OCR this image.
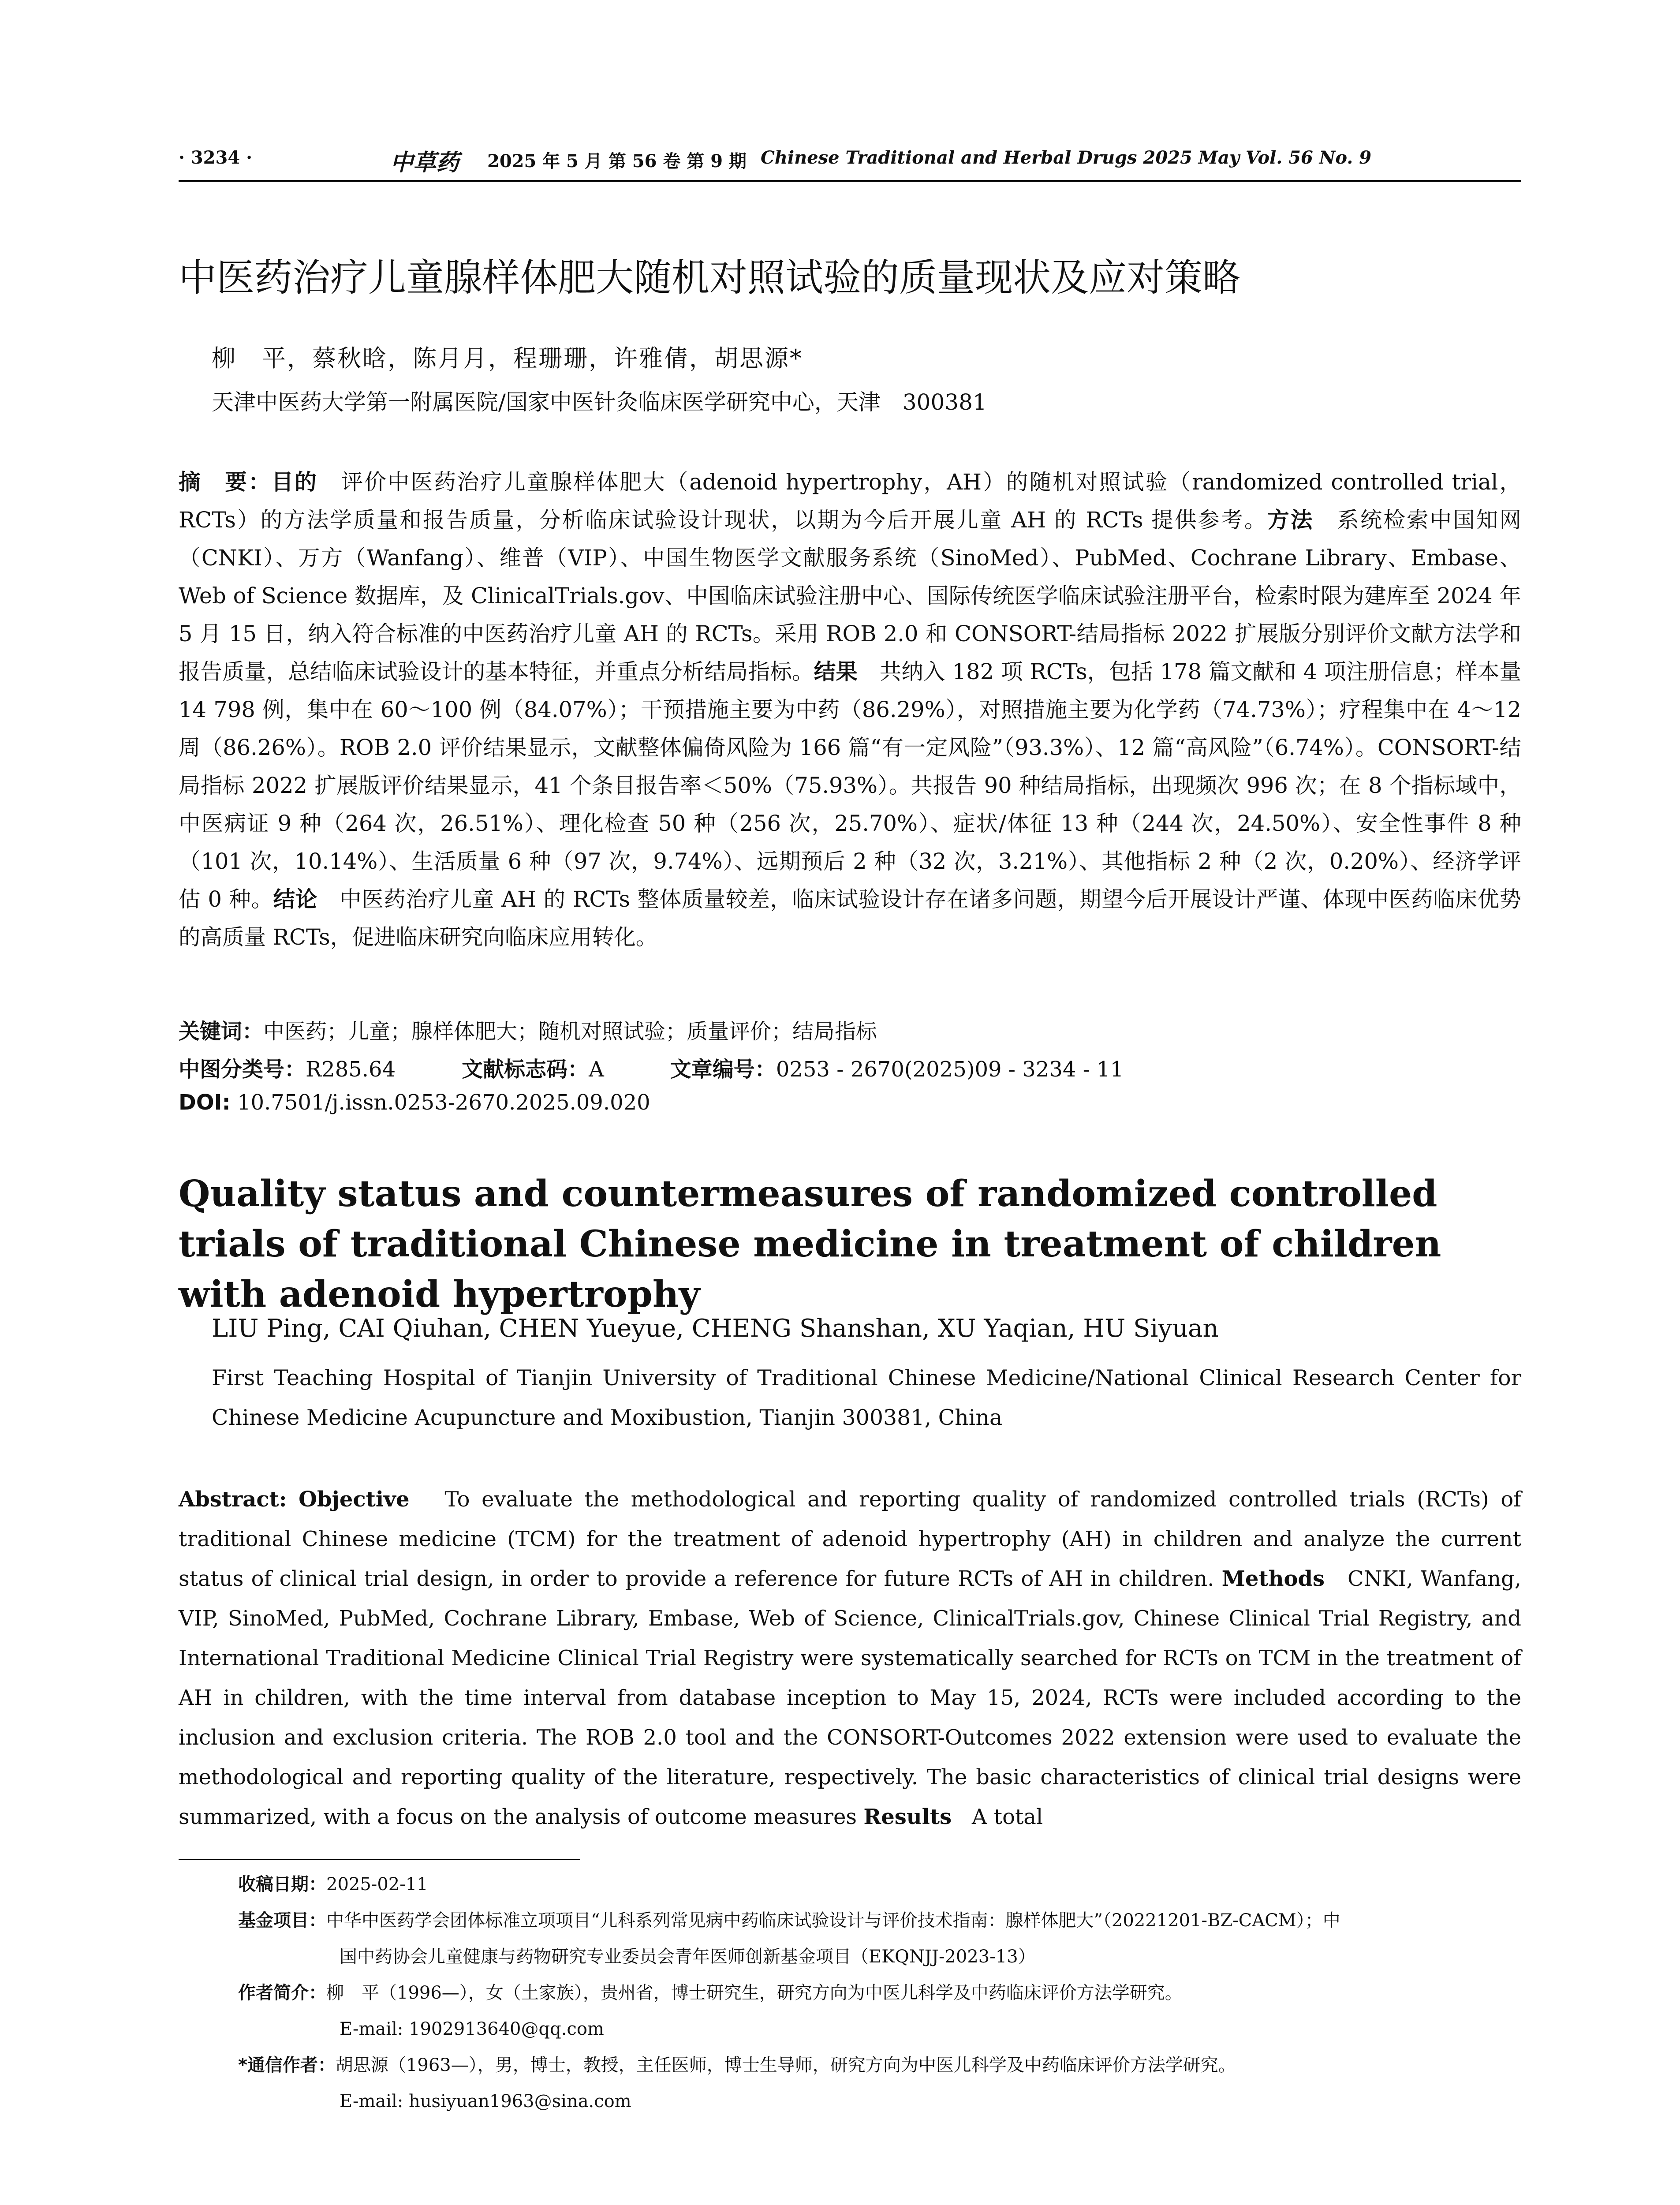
· 3234 ·	中草药 2025 年 5 月 第 56 卷 第 9 期 Chinese Traditional and Herbal Drugs 2025 May Vol. 56 No. 9
中医药治疗儿童腺样体肥大随机对照试验的质量现状及应对策略
柳　平，蔡秋晗，陈月月，程珊珊，许雅倩，胡思源*
天津中医药大学第一附属医院/国家中医针灸临床医学研究中心，天津　300381
摘　要：目的　 评价中医药治疗儿童腺样体肥大（adenoid hypertrophy，AH）的随机对照试验（randomized controlled trial，RCTs）的方法学质量和报告质量，分析临床试验设计现状，以期为今后开展儿童 AH 的 RCTs 提供参考。方法　 系统检索中国知网（CNKI）、万方（Wanfang）、维普（VIP）、中国生物医学文献服务系统（SinoMed）、PubMed、Cochrane Library、Embase、Web of Science 数据库，及 ClinicalTrials.gov、中国临床试验注册中心、国际传统医学临床试验注册平台，检索时限为建库至 2024 年 5 月 15 日，纳入符合标准的中医药治疗儿童 AH 的 RCTs。采用 ROB 2.0 和 CONSORT-结局指标 2022 扩展版分别评价文献方法学和报告质量，总结临床试验设计的基本特征，并重点分析结局指标。结果　 共纳入 182 项 RCTs，包括 178 篇文献和 4 项注册信息；样本量 14 798 例，集中在 60～100 例（84.07%）；干预措施主要为中药（86.29%），对照措施主要为化学药（74.73%）；疗程集中在 4～12 周（86.26%）。ROB 2.0 评价结果显示，文献整体偏倚风险为 166 篇“有一定风险”（93.3%）、12 篇“高风险”（6.74%）。CONSORT-结局指标 2022 扩展版评价结果显示，41 个条目报告率＜50%（75.93%）。共报告 90 种结局指标，出现频次 996 次；在 8 个指标域中，中医病证 9 种（264 次，26.51%）、理化检查 50 种（256 次，25.70%）、症状/体征 13 种（244 次，24.50%）、安全性事件 8 种（101 次，10.14%）、生活质量 6 种（97 次，9.74%）、远期预后 2 种（32 次，3.21%）、其他指标 2 种（2 次，0.20%）、经济学评估 0 种。结论　 中医药治疗儿童 AH 的 RCTs 整体质量较差，临床试验设计存在诸多问题，期望今后开展设计严谨、体现中医药临床优势的高质量 RCTs，促进临床研究向临床应用转化。
关键词：中医药；儿童；腺样体肥大；随机对照试验；质量评价；结局指标
中图分类号：R285.64	文献标志码：A	文章编号：0253 - 2670(2025)09 - 3234 - 11
DOI: 10.7501/j.issn.0253-2670.2025.09.020
Quality status and countermeasures of randomized controlled trials of traditional Chinese medicine in treatment of children with adenoid hypertrophy
LIU Ping, CAI Qiuhan, CHEN Yueyue, CHENG Shanshan, XU Yaqian, HU Siyuan
First Teaching Hospital of Tianjin University of Traditional Chinese Medicine/National Clinical Research Center for Chinese Medicine Acupuncture and Moxibustion, Tianjin 300381, China
Abstract: Objective To evaluate the methodological and reporting quality of randomized controlled trials (RCTs) of traditional Chinese medicine (TCM) for the treatment of adenoid hypertrophy (AH) in children and analyze the current status of clinical trial design, in order to provide a reference for future RCTs of AH in children. Methods CNKI, Wanfang, VIP, SinoMed, PubMed, Cochrane Library, Embase, Web of Science, ClinicalTrials.gov, Chinese Clinical Trial Registry, and International Traditional Medicine Clinical Trial Registry were systematically searched for RCTs on TCM in the treatment of AH in children, with the time interval from database inception to May 15, 2024, RCTs were included according to the inclusion and exclusion criteria. The ROB 2.0 tool and the CONSORT-Outcomes 2022 extension were used to evaluate the methodological and reporting quality of the literature, respectively. The basic characteristics of clinical trial designs were summarized, with a focus on the analysis of outcome measures Results A total
收稿日期：2025-02-11
基金项目：中华中医药学会团体标准立项项目“儿科系列常见病中药临床试验设计与评价技术指南：腺样体肥大”（20221201-BZ-CACM）；中
国中药协会儿童健康与药物研究专业委员会青年医师创新基金项目（EKQNJJ-2023-13）
作者简介：柳　平（1996—），女（土家族），贵州省，博士研究生，研究方向为中医儿科学及中药临床评价方法学研究。
E-mail: 1902913640@qq.com
*通信作者：胡思源（1963—），男，博士，教授，主任医师，博士生导师，研究方向为中医儿科学及中药临床评价方法学研究。
E-mail: husiyuan1963@sina.com
